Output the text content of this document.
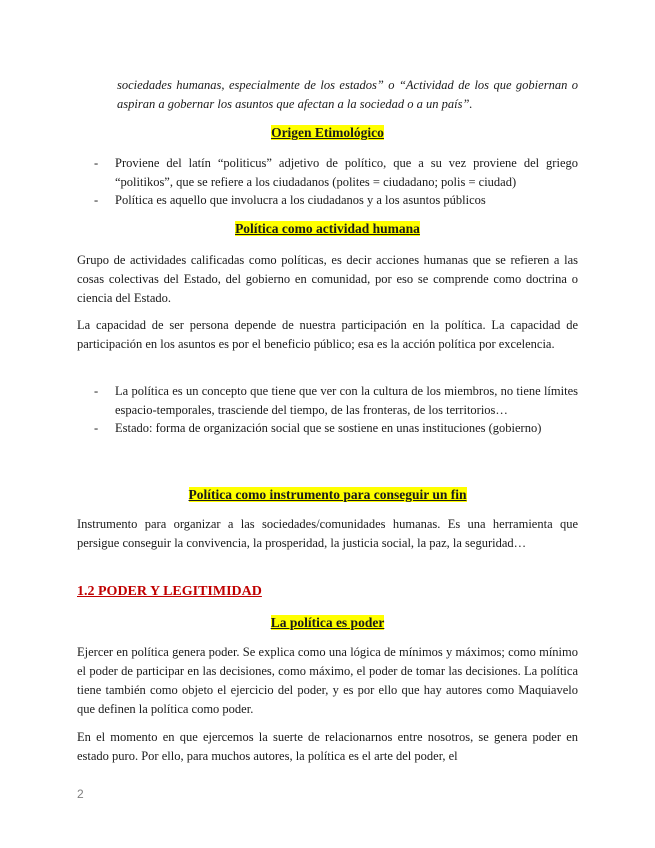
sociedades humanas, especialmente de los estados” o “Actividad de los que gobiernan o aspiran a gobernar los asuntos que afectan a la sociedad o a un país”.

Origen Etimológico
- Proviene del latín “politicus” adjetivo de político, que a su vez proviene del griego “politikos”, que se refiere a los ciudadanos (polites = ciudadano; polis = ciudad)
- Política es aquello que involucra a los ciudadanos y a los asuntos públicos
Política como actividad humana

Grupo de actividades calificadas como políticas, es decir acciones humanas que se refieren a las cosas colectivas del Estado, del gobierno en comunidad, por eso se comprende como doctrina o ciencia del Estado.

La capacidad de ser persona depende de nuestra participación en la política. La capacidad de participación en los asuntos es por el beneficio público; esa es la acción política por excelencia.

- La política es un concepto que tiene que ver con la cultura de los miembros, no tiene límites espacio-temporales, trasciende del tiempo, de las fronteras, de los territorios…
- Estado: forma de organización social que se sostiene en unas instituciones (gobierno)
Política como instrumento para conseguir un fin

Instrumento para organizar a las sociedades/comunidades humanas. Es una herramienta que persigue conseguir la convivencia, la prosperidad, la justicia social, la paz, la seguridad…

1.2 PODER Y LEGITIMIDAD
La política es poder

Ejercer en política genera poder. Se explica como una lógica de mínimos y máximos; como mínimo el poder de participar en las decisiones, como máximo, el poder de tomar las decisiones. La política tiene también como objeto el ejercicio del poder, y es por ello que hay autores como Maquiavelo que definen la política como poder.

En el momento en que ejercemos la suerte de relacionarnos entre nosotros, se genera poder en estado puro. Por ello, para muchos autores, la política es el arte del poder, el

2
